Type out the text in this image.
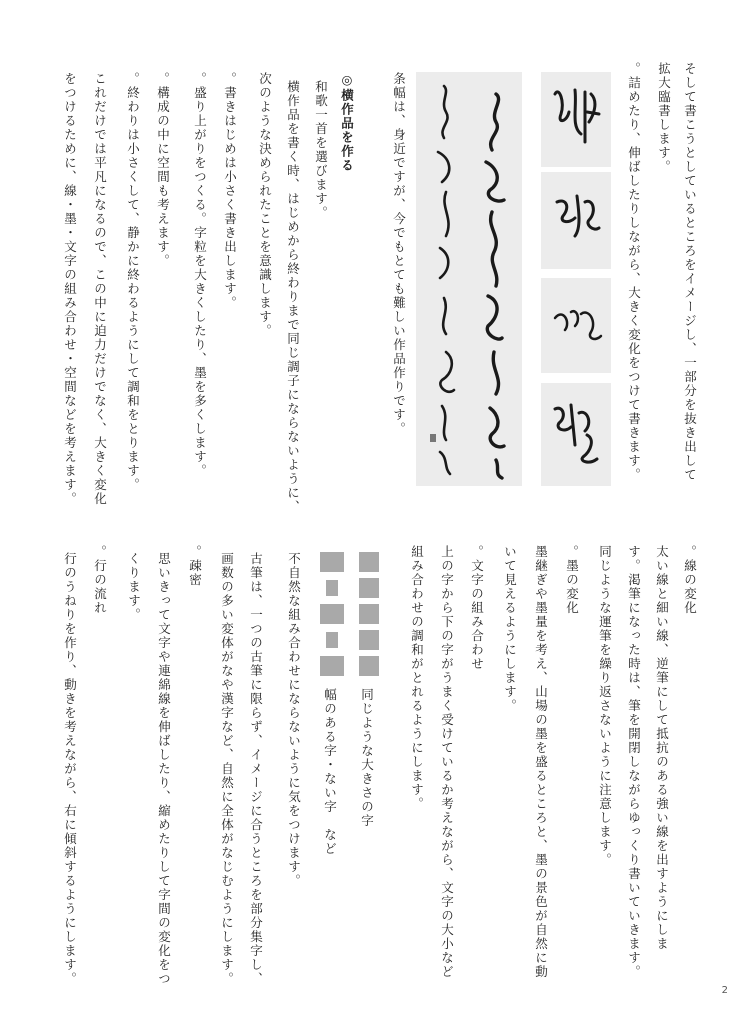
そして書こうとしているところをイメージし、一部分を抜き出して
拡大臨書します。
。詰めたり、伸ばしたりしながら、大きく変化をつけて書きます。
条幅は、身近ですが、今でもとても難しい作品作りです。
◎横作品を作る
和歌一首を選びます。
横作品を書く時、はじめから終わりまで同じ調子にならないように、
次のような決められたことを意識します。
。書きはじめは小さく書き出します。
。盛り上がりをつくる。字粒を大きくしたり、墨を多くします。
。構成の中に空間も考えます。
。終わりは小さくして、静かに終わるようにして調和をとります。
これだけでは平凡になるので、この中に迫力だけでなく、大きく変化
をつけるために、線・墨・文字の組み合わせ・空間などを考えます。
。線の変化
太い線と細い線、逆筆にして抵抗のある強い線を出すようにしま
す。渇筆になった時は、筆を開閉しながらゆっくり書いていきます。
同じような運筆を繰り返さないように注意します。
。墨の変化
墨継ぎや墨量を考え、山場の墨を盛るところと、墨の景色が自然に動
いて見えるようにします。
。文字の組み合わせ
上の字から下の字がうまく受けているか考えながら、文字の大小など
組み合わせの調和がとれるようにします。
同じような大きさの字
幅のある字・ない字　など
不自然な組み合わせにならないように気をつけます。
古筆は、一つの古筆に限らず、イメージに合うところを部分集字し、
画数の多い変体がなや漢字など、自然に全体がなじむようにします。
。疎密
思いきって文字や連綿線を伸ばしたり、縮めたりして字間の変化をつ
くります。
。行の流れ
行のうねりを作り、動きを考えながら、右に傾斜するようにします。
2
